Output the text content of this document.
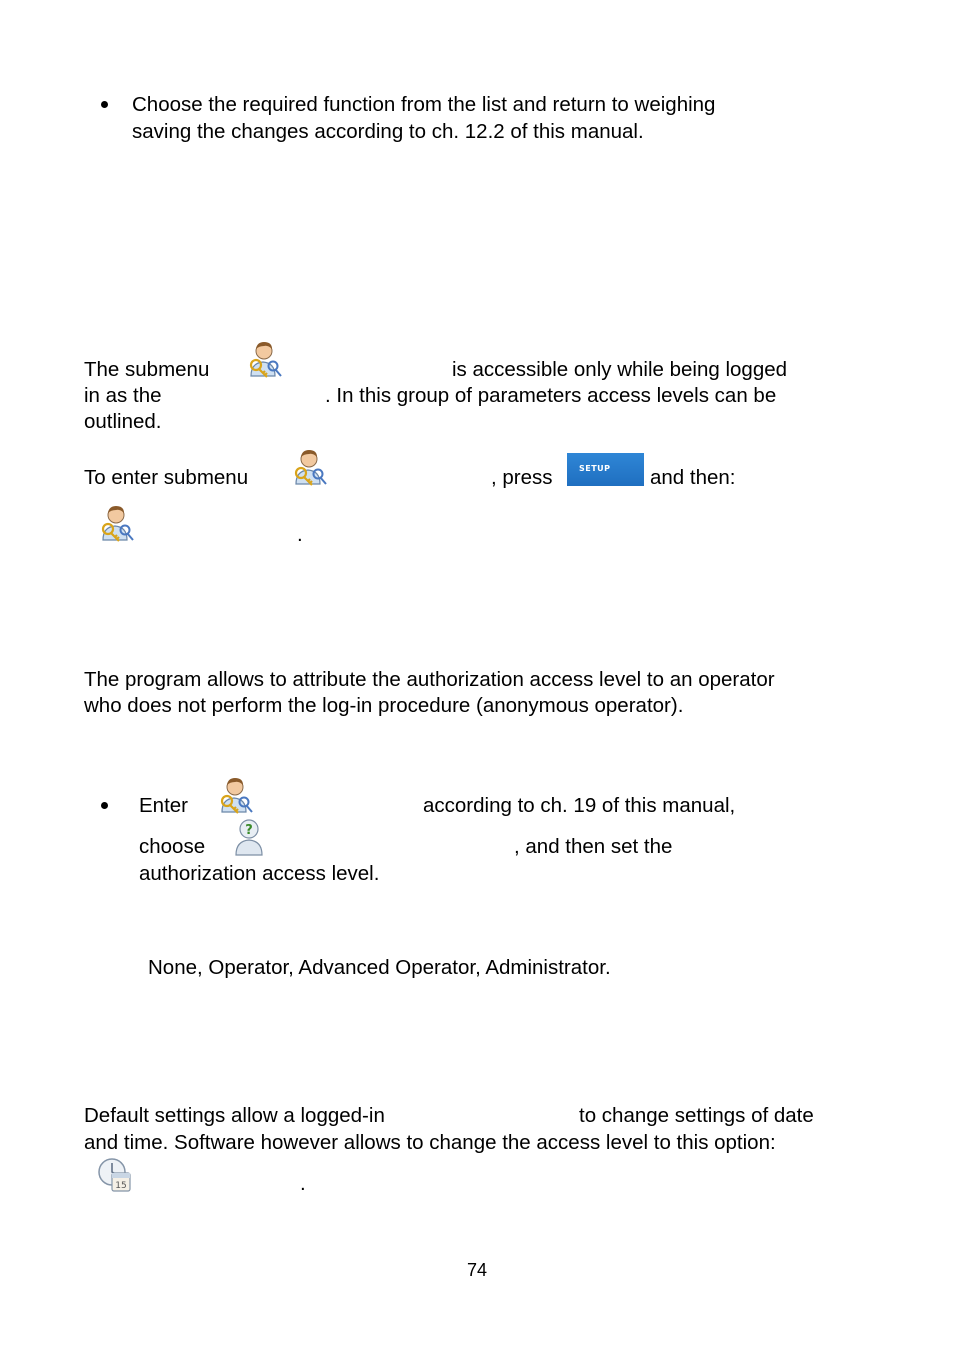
Choose the required function from the list and return to weighing
saving the changes according to ch. 12.2 of this manual.
The submenu	is accessible only while being logged
in as the	. In this group of parameters access levels can be
outlined.
To enter submenu	, press	SETUP and then:
.
The program allows to attribute the authorization access level to an operator
who does not perform the log-in procedure (anonymous operator).
Enter	according to ch. 19 of this manual,
choose	, and then set the
authorization access level.
None, Operator, Advanced Operator, Administrator.
Default settings allow a logged-in	to change settings of date
and time. Software however allows to change the access level to this option:
.
74
